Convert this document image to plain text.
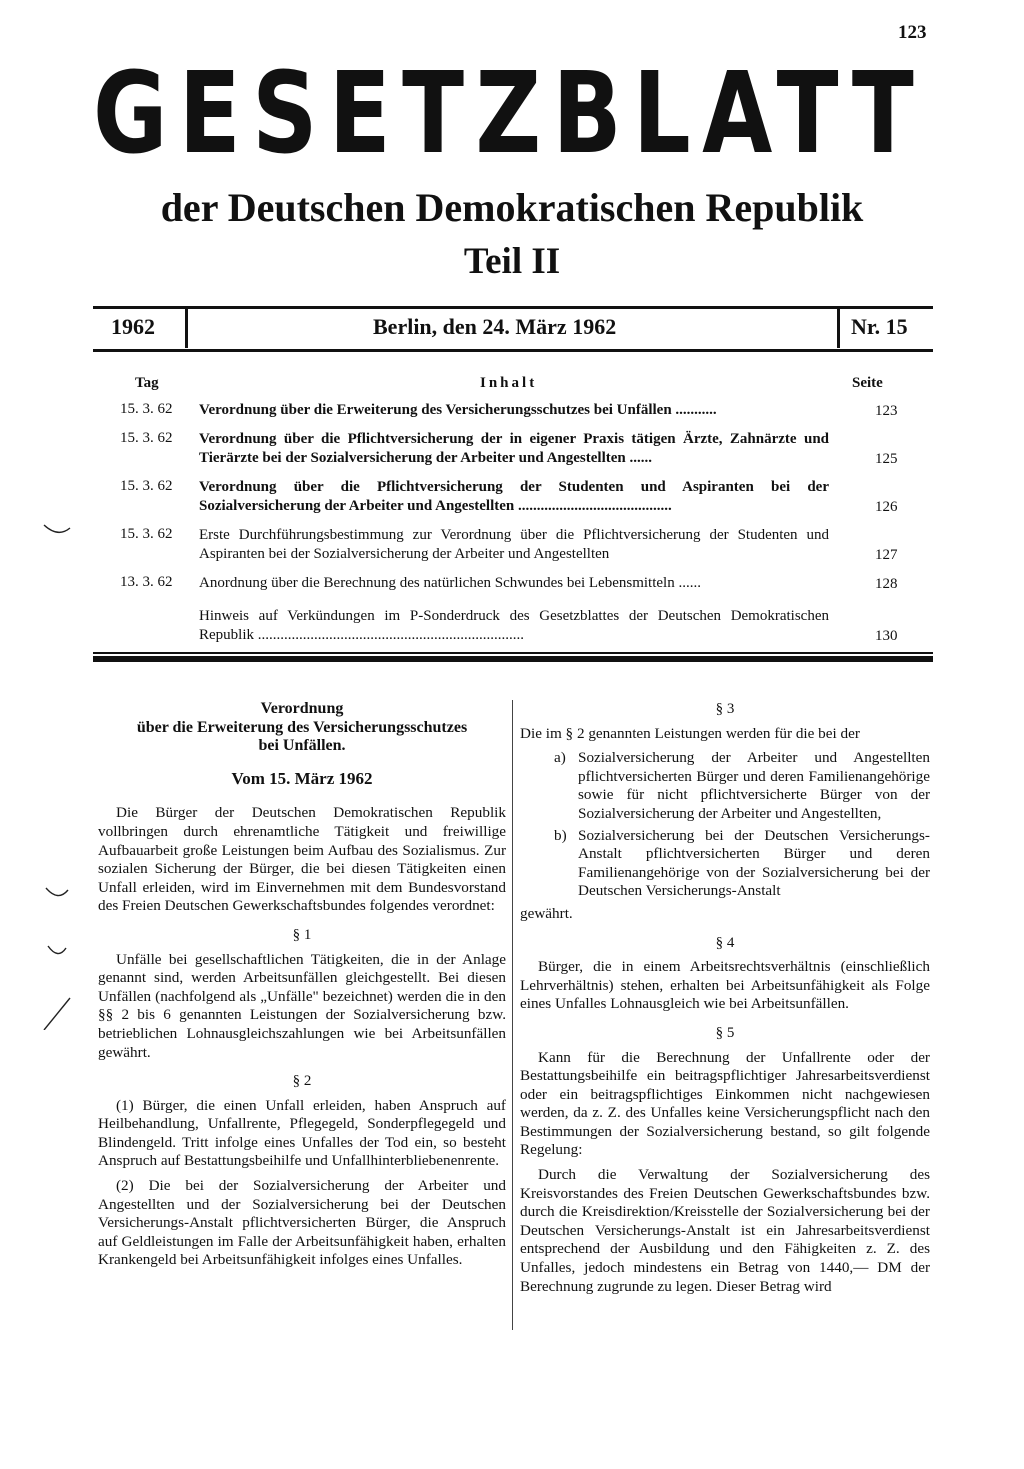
123
GESETZBLATT
der Deutschen Demokratischen Republik
Teil II
1962	Berlin, den 24. März 1962	Nr. 15
Tag	Inhalt	Seite
15. 3. 62 Verordnung über die Erweiterung des Versicherungsschutzes bei Unfällen ...........	123
15. 3. 62 Verordnung über die Pflichtversicherung der in eigener Praxis tätigen Ärzte, Zahnärzte und Tierärzte bei der Sozialversicherung der Arbeiter und Angestellten ......	125
15. 3. 62 Verordnung über die Pflichtversicherung der Studenten und Aspiranten bei der Sozialversicherung der Arbeiter und Angestellten .........................................	126
15. 3. 62 Erste Durchführungsbestimmung zur Verordnung über die Pflichtversicherung der Studenten und Aspiranten bei der Sozialversicherung der Arbeiter und Angestellten	127
13. 3. 62 Anordnung über die Berechnung des natürlichen Schwundes bei Lebensmitteln ......	128
Hinweis auf Verkündungen im P-Sonderdruck des Gesetzblattes der Deutschen Demokratischen Republik .......................................................................	130
Verordnung
über die Erweiterung des Versicherungsschutzes
bei Unfällen.
Vom 15. März 1962

Die Bürger der Deutschen Demokratischen Republik vollbringen durch ehrenamtliche Tätigkeit und freiwillige Aufbauarbeit große Leistungen beim Aufbau des Sozialismus. Zur sozialen Sicherung der Bürger, die bei diesen Tätigkeiten einen Unfall erleiden, wird im Einvernehmen mit dem Bundesvorstand des Freien Deutschen Gewerkschaftsbundes folgendes verordnet:

§ 1

Unfälle bei gesellschaftlichen Tätigkeiten, die in der Anlage genannt sind, werden Arbeitsunfällen gleichgestellt. Bei diesen Unfällen (nachfolgend als „Unfälle" bezeichnet) werden die in den §§ 2 bis 6 genannten Leistungen der Sozialversicherung bzw. betrieblichen Lohnausgleichszahlungen wie bei Arbeitsunfällen gewährt.

§ 2

(1) Bürger, die einen Unfall erleiden, haben Anspruch auf Heilbehandlung, Unfallrente, Pflegegeld, Sonderpflegegeld und Blindengeld. Tritt infolge eines Unfalles der Tod ein, so besteht Anspruch auf Bestattungsbeihilfe und Unfallhinterbliebenenrente.

(2) Die bei der Sozialversicherung der Arbeiter und Angestellten und der Sozialversicherung bei der Deutschen Versicherungs-Anstalt pflichtversicherten Bürger, die Anspruch auf Geldleistungen im Falle der Arbeitsunfähigkeit haben, erhalten Krankengeld bei Arbeitsunfähigkeit infolges eines Unfalles.

§ 3

Die im § 2 genannten Leistungen werden für die bei der

a) Sozialversicherung der Arbeiter und Angestellten pflichtversicherten Bürger und deren Familienangehörige sowie für nicht pflichtversicherte Bürger von der Sozialversicherung der Arbeiter und Angestellten,
b) Sozialversicherung bei der Deutschen Versicherungs-Anstalt pflichtversicherten Bürger und deren Familienangehörige von der Sozialversicherung bei der Deutschen Versicherungs-Anstalt

gewährt.

§ 4

Bürger, die in einem Arbeitsrechtsverhältnis (einschließlich Lehrverhältnis) stehen, erhalten bei Arbeitsunfähigkeit als Folge eines Unfalles Lohnausgleich wie bei Arbeitsunfällen.

§ 5

Kann für die Berechnung der Unfallrente oder der Bestattungsbeihilfe ein beitragspflichtiger Jahresarbeitsverdienst oder ein beitragspflichtiges Einkommen nicht nachgewiesen werden, da z. Z. des Unfalles keine Versicherungspflicht nach den Bestimmungen der Sozialversicherung bestand, so gilt folgende Regelung:

Durch die Verwaltung der Sozialversicherung des Kreisvorstandes des Freien Deutschen Gewerkschaftsbundes bzw. durch die Kreisdirektion/Kreisstelle der Sozialversicherung bei der Deutschen Versicherungs-Anstalt ist ein Jahresarbeitsverdienst entsprechend der Ausbildung und den Fähigkeiten z. Z. des Unfalles, jedoch mindestens ein Betrag von 1440,— DM der Berechnung zugrunde zu legen. Dieser Betrag wird
